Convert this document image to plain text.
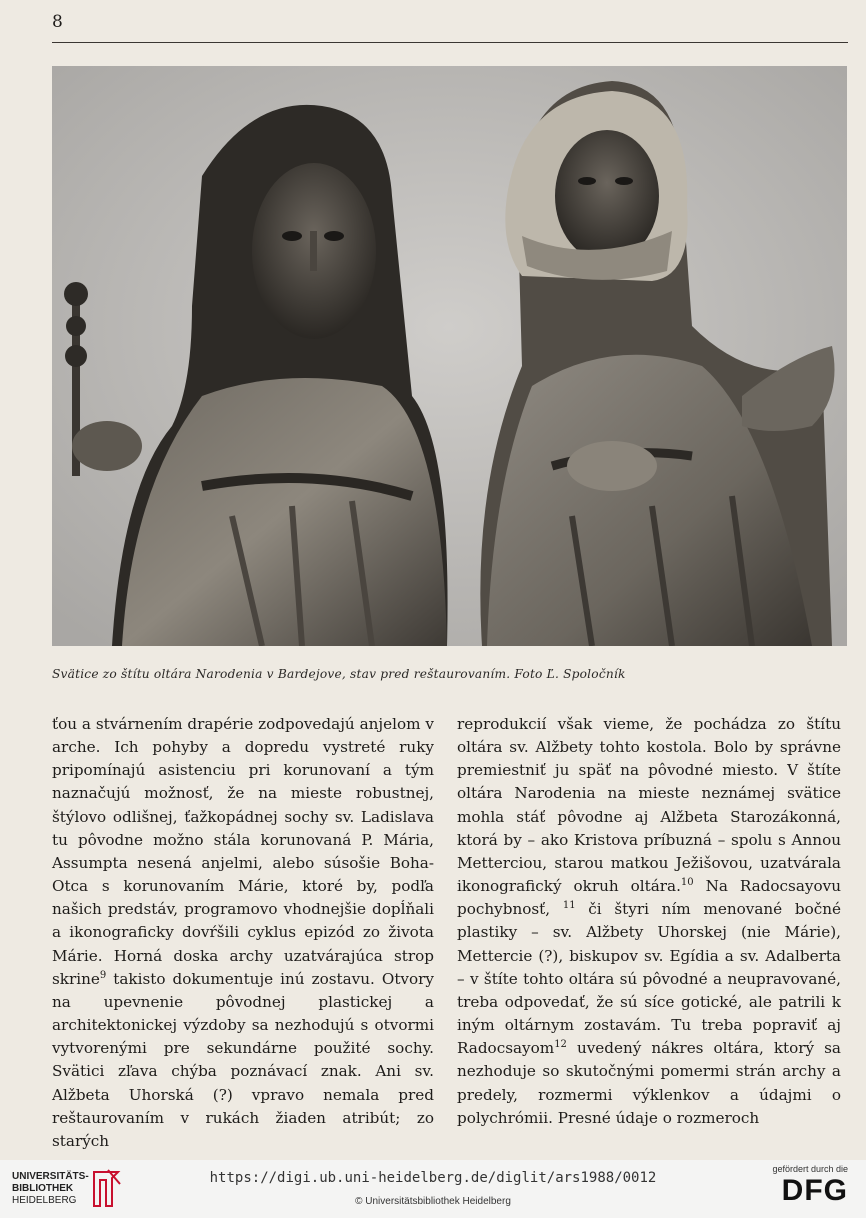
8
Svätice zo štítu oltára Narodenia v Bardejove, stav pred reštaurovaním. Foto Ľ. Spoločník
ťou a stvárnením drapérie zodpovedajú anjelom v arche. Ich pohyby a dopredu vystreté ruky pripomínajú asistenciu pri korunovaní a tým naznačujú možnosť, že na mieste robustnej, štýlovo odlišnej, ťažkopádnej sochy sv. Ladislava tu pôvodne možno stála korunovaná P. Mária, Assumpta nesená anjelmi, alebo súsošie Boha-Otca s korunovaním Márie, ktoré by, podľa našich predstáv, programovo vhodnejšie dopĺňali a ikonograficky dovŕšili cyklus epizód zo života Márie. Horná doska archy uzatvárajúca strop skrine$^9$ takisto dokumentuje inú zostavu. Otvory na upevnenie pôvodnej plastickej a architektonickej výzdoby sa nezhodujú s otvormi vytvorenými pre sekundárne použité sochy. Svätici zľava chýba poznávací znak. Ani sv. Alžbeta Uhorská (?) vpravo nemala pred reštaurovaním v rukách žiaden atribút; zo starých
reprodukcií však vieme, že pochádza zo štítu oltára sv. Alžbety tohto kostola. Bolo by správne premiestniť ju späť na pôvodné miesto. V štíte oltára Narodenia na mieste neznámej svätice mohla stáť pôvodne aj Alžbeta Starozákonná, ktorá by – ako Kristova príbuzná – spolu s Annou Metterciou, starou matkou Ježišovou, uzatvárala ikonografický okruh oltára.$^{10}$ Na Radocsayovu pochybnosť, $^{11}$ či štyri ním menované bočné plastiky – sv. Alžbety Uhorskej (nie Márie), Mettercie (?), biskupov sv. Egídia a sv. Adalberta – v štíte tohto oltára sú pôvodné a neupravované, treba odpovedať, že sú síce gotické, ale patrili k iným oltárnym zostavám. Tu treba popraviť aj Radocsayom$^{12}$ uvedený nákres oltára, ktorý sa nezhoduje so skutočnými pomermi strán archy a predely, rozmermi výklenkov a údajmi o polychrómii. Presné údaje o rozmeroch
UNIVERSITÄTS-
BIBLIOTHEK
HEIDELBERG
https://digi.ub.uni-heidelberg.de/diglit/ars1988/0012
© Universitätsbibliothek Heidelberg
gefördert durch die
DFG
